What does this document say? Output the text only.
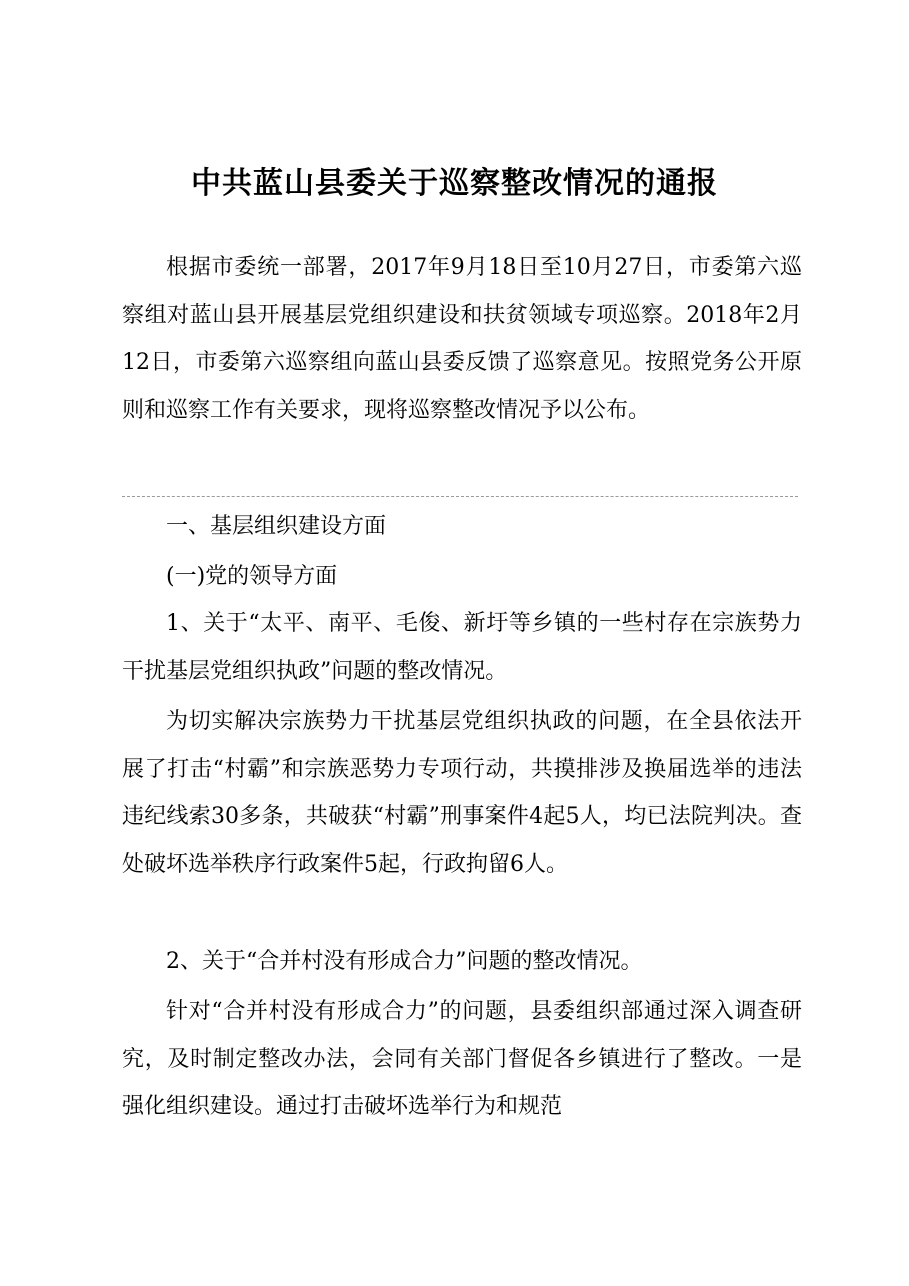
中共蓝山县委关于巡察整改情况的通报

根据市委统一部署，2017年9月18日至10月27日，市委第六巡察组对蓝山县开展基层党组织建设和扶贫领域专项巡察。2018年2月12日，市委第六巡察组向蓝山县委反馈了巡察意见。按照党务公开原则和巡察工作有关要求，现将巡察整改情况予以公布。

一、基层组织建设方面

(一)党的领导方面

1、关于“太平、南平、毛俊、新圩等乡镇的一些村存在宗族势力干扰基层党组织执政”问题的整改情况。

为切实解决宗族势力干扰基层党组织执政的问题，在全县依法开展了打击“村霸”和宗族恶势力专项行动，共摸排涉及换届选举的违法违纪线索30多条，共破获“村霸”刑事案件4起5人，均已法院判决。查处破坏选举秩序行政案件5起，行政拘留6人。

2、关于“合并村没有形成合力”问题的整改情况。

针对“合并村没有形成合力”的问题，县委组织部通过深入调查研究，及时制定整改办法，会同有关部门督促各乡镇进行了整改。一是强化组织建设。通过打击破坏选举行为和规范
